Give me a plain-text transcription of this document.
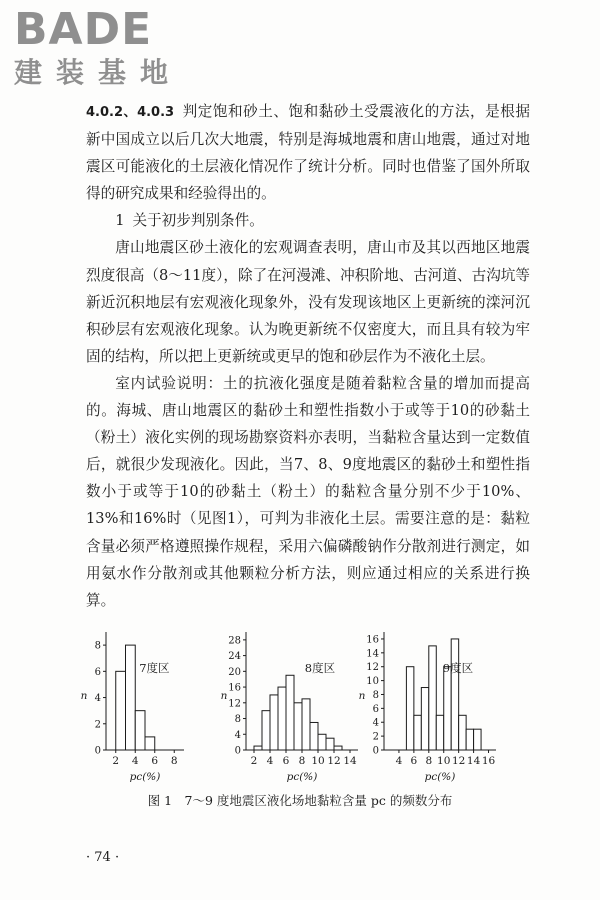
BADE
建装基地

4.0.2、4.0.3 判定饱和砂土、饱和黏砂土受震液化的方法，是根据新中国成立以后几次大地震，特别是海城地震和唐山地震，通过对地震区可能液化的土层液化情况作了统计分析。同时也借鉴了国外所取得的研究成果和经验得出的。

1 关于初步判别条件。

唐山地震区砂土液化的宏观调查表明，唐山市及其以西地区地震烈度很高（8～11度），除了在河漫滩、冲积阶地、古河道、古沟坑等新近沉积地层有宏观液化现象外，没有发现该地区上更新统的滦河沉积砂层有宏观液化现象。认为晚更新统不仅密度大，而且具有较为牢固的结构，所以把上更新统或更早的饱和砂层作为不液化土层。

室内试验说明：土的抗液化强度是随着黏粒含量的增加而提高的。海城、唐山地震区的黏砂土和塑性指数小于或等于10的砂黏土（粉土）液化实例的现场勘察资料亦表明，当黏粒含量达到一定数值后，就很少发现液化。因此，当7、8、9度地震区的黏砂土和塑性指数小于或等于10的砂黏土（粉土）的黏粒含量分别不少于10%、13%和16%时（见图1），可判为非液化土层。需要注意的是：黏粒含量必须严格遵照操作规程，采用六偏磷酸钠作分散剂进行测定，如用氨水作分散剂或其他颗粒分析方法，则应通过相应的关系进行换算。

0
2
4
6
8
2 4 6 8
7度区
n
pc(%)
0
4
8
12
16
20
24
28
2 4 6 8 10 12 14
8度区
n
pc(%)
0
2
4
6
8
10
12
14
16
4 6 8 10 12 14 16
9度区
n
pc(%)
图 1　7～9 度地震区液化场地黏粒含量 pc 的频数分布
· 74 ·
